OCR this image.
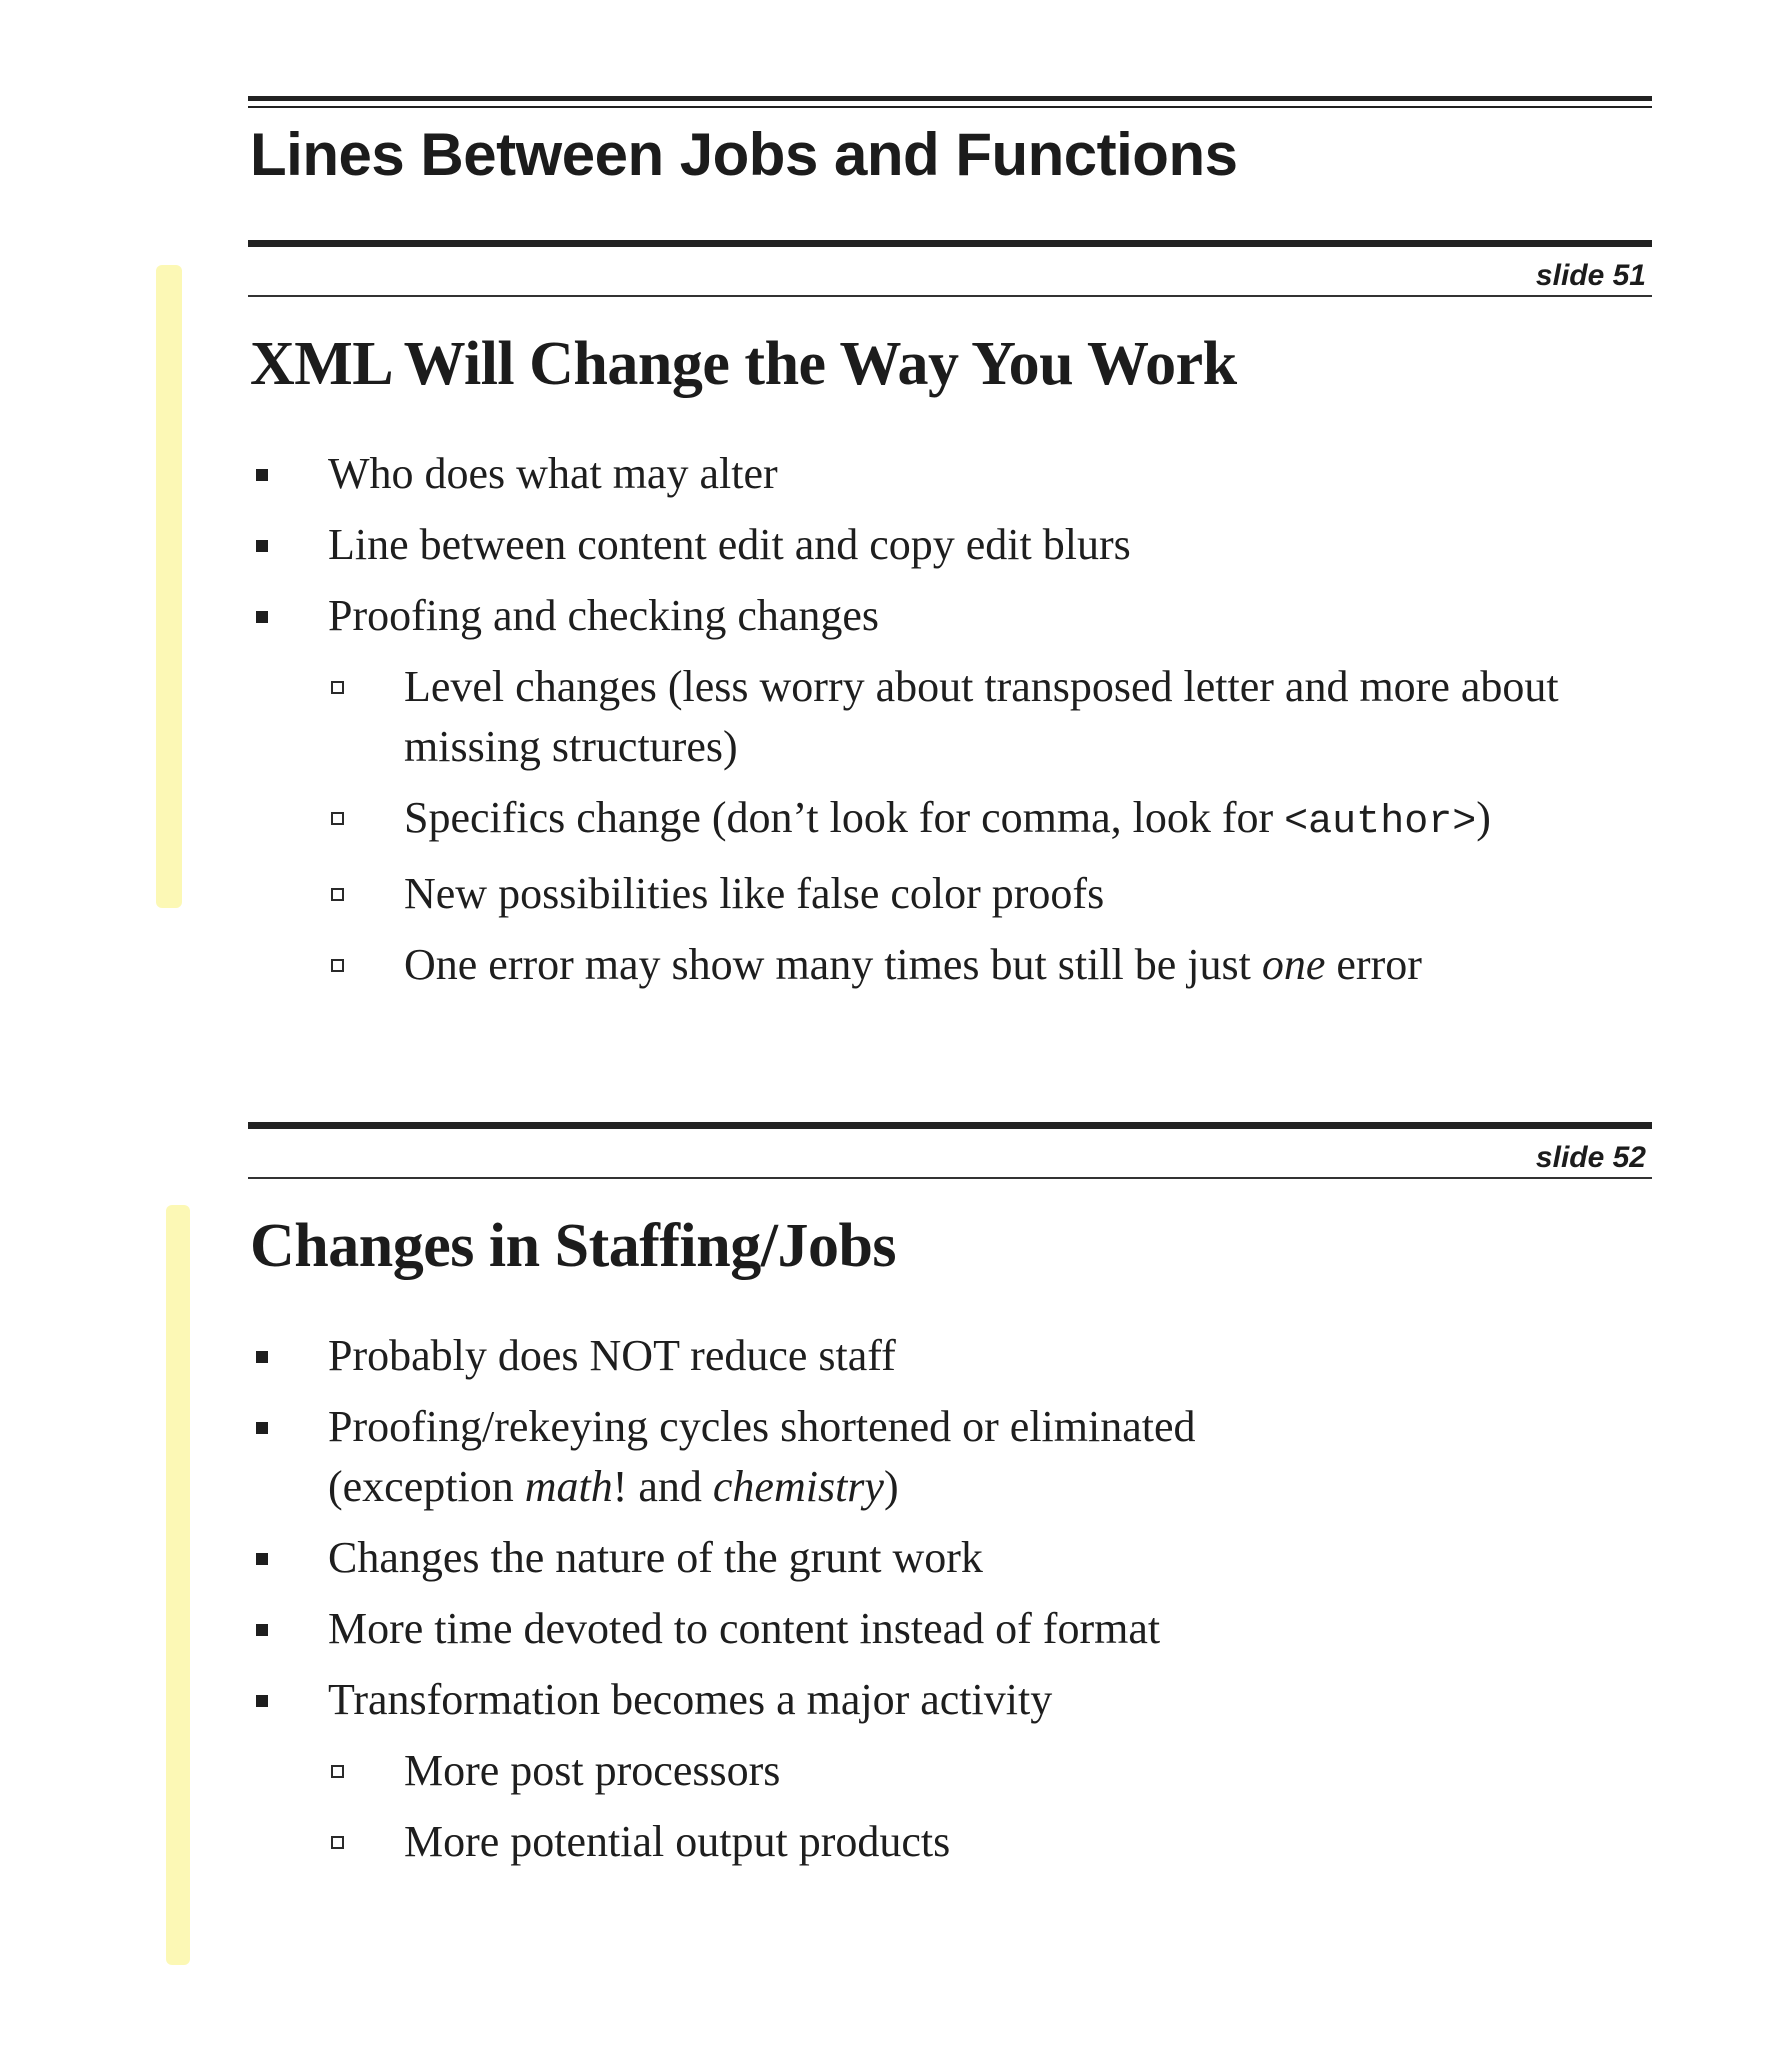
Lines Between Jobs and Functions
slide 51
XML Will Change the Way You Work
Who does what may alter
Line between content edit and copy edit blurs
Proofing and checking changes
Level changes (less worry about transposed letter and more about missing structures)
Specifics change (don’t look for comma, look for <author>)
New possibilities like false color proofs
One error may show many times but still be just one error
slide 52
Changes in Staffing/Jobs
Probably does NOT reduce staff
Proofing/rekeying cycles shortened or eliminated
(exception math! and chemistry)
Changes the nature of the grunt work
More time devoted to content instead of format
Transformation becomes a major activity
More post processors
More potential output products
